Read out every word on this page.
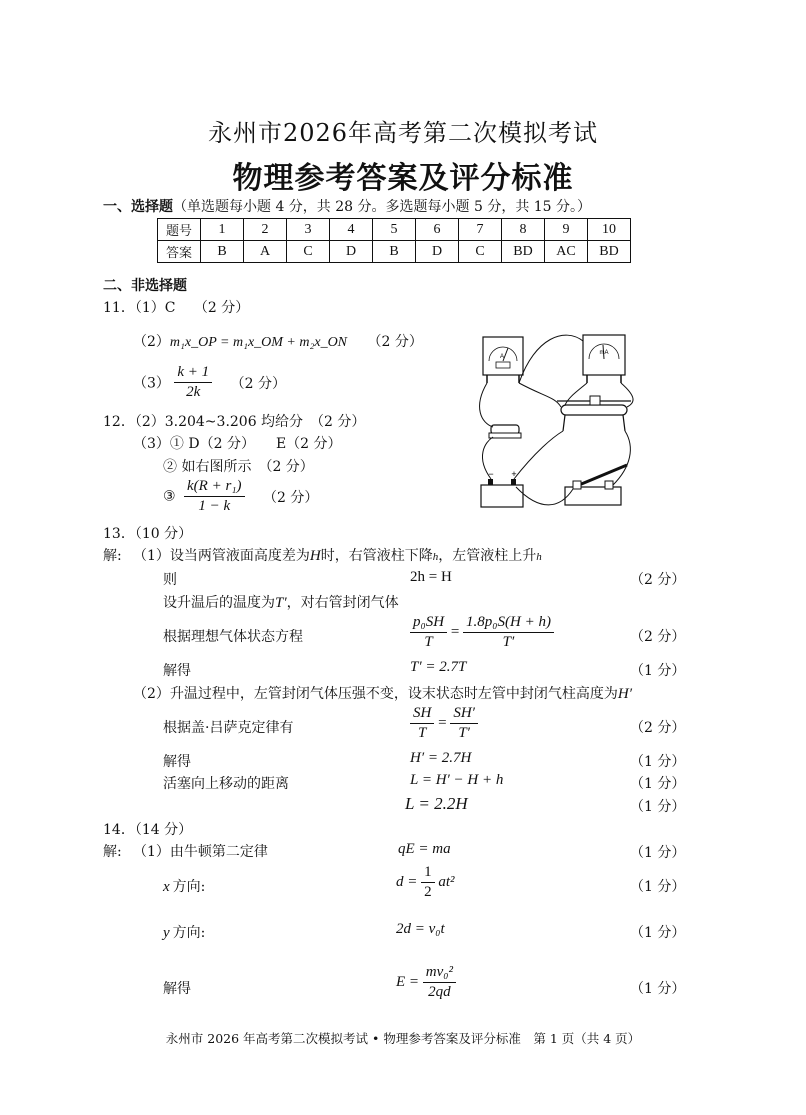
永州市2026年高考第二次模拟考试
物理参考答案及评分标准
一、选择题（单选题每小题 4 分，共 28 分。多选题每小题 5 分，共 15 分。）
题号	1	2	3	4	5	6	7	8	9	10
答案	B	A	C	D	B	D	C	BD	AC	BD
二、非选择题
11．（1）C　 （2 分）
（2）m₁x_OP = m₁x_OM + m₂x_ON （2 分）
$(3) \frac{k + 1}{2k} (2$ 分）
12．（2）3.204~3.206 均给分　（2 分）
（3）① D（2 分）　　E（2 分）
② 如右图所示　（2 分）
③ $\frac{\text{k(R + r₁)}}{1 - k} (2$ 分）
A
mA
− +
13．（10 分）
解: （1）设当两管液面高度差为H时，右管液柱下降h，左管液柱上升h
则	2h = H	（2 分）
设升温后的温度为T′，对右管封闭气体
根据理想气体状态方程	$\frac{\text{p₀SH}}{T} = \frac{\text{1.8p₀S(H + h)}}{T'}$	（2 分）
解得	T′ = 2.7T	（1 分）
（2）升温过程中，左管封闭气体压强不变，设末状态时左管中封闭气柱高度为H′
根据盖·吕萨克定律有	$\frac{SH}{T} = \frac{SH'}{T'}$	（2 分）
解得	H′ = 2.7H	（1 分）
活塞向上移动的距离	L = H′ − H + h	（1 分）
L = 2.2H	（1 分）
14．（14 分）
解: （1）由牛顿第二定律	qE = ma	（1 分）
x 方向:	$d = \frac{1}{2} at^2$	（1 分）
y 方向:	2d = v₀t	（1 分）
解得	$E = \frac{\text{mv₀²}}{2qd}$	（1 分）
永州市 2026 年高考第二次模拟考试 • 物理参考答案及评分标准　第 1 页（共 4 页）
